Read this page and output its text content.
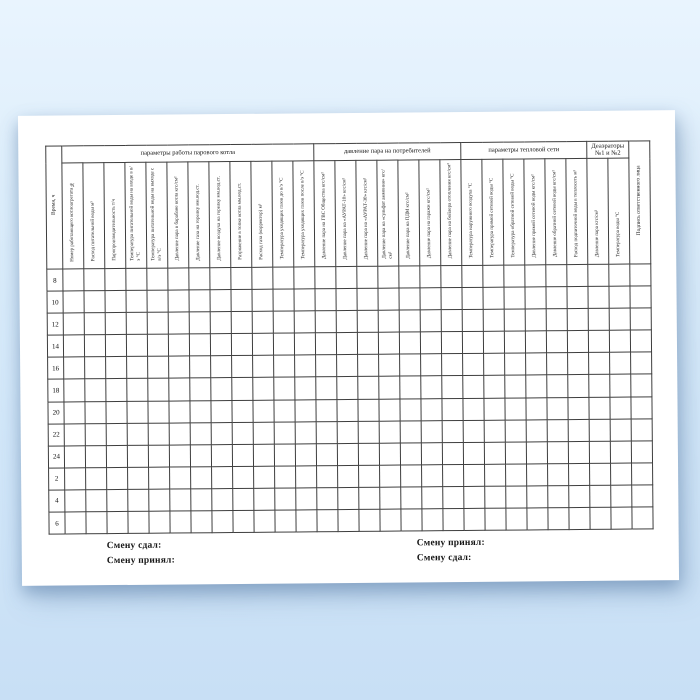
Время, ч	параметры работы парового котла												давление пара на потребителей							параметры тепловой сети						Деаэраторы №1 и №2		Подпись ответственного лица
	Номер работающего котлоагрегата №	Расход питательной воды м³	Паропроизводительность т/ч	Температура питательной воды на входе в в/э °С	Температура питательной воды на выходе с в/э °С	Давление пара в барабане котла кгс/см²	Давление газа на горелку мм.вод.ст.	Давление воздуха на горелку мм.вод.ст.	Разряжение в топке котла мм.вод.ст.	Расход газа (корректор) м³	Температура уходящих газов до в/э °С	Температура уходящих газов после в/э °С	Давление пара на ГВС Общества кгс/см²	Давление пара на «АУРАТ-10» кгс/см²	Давление пара на «АУРАТ-30» кгс/см²	Давление пара на «сульфат аммония» кгс/см²	Давление пара на ПДМ кгс/см²	Давление пара на гаражи кгс/см²	Давление пара на бойлера отопления кгс/см²	Температура наружного воздуха °С	Температура прямой сетевой воды °С	Температура обратной сетевой воды °С	Давление прямой сетевой воды кгс/см²	Давление обратной сетевой воды кгс/см²	Расход подпиточной воды в теплосеть м³	Давление пара кгс/см²	Температура воды °С	
8																												
10																												
12																												
14																												
16																												
18																												
20																												
22																												
24																												
2																												
4																												
6																												
Смену сдал:
Смену принял:
Смену принял:
Смену сдал:
